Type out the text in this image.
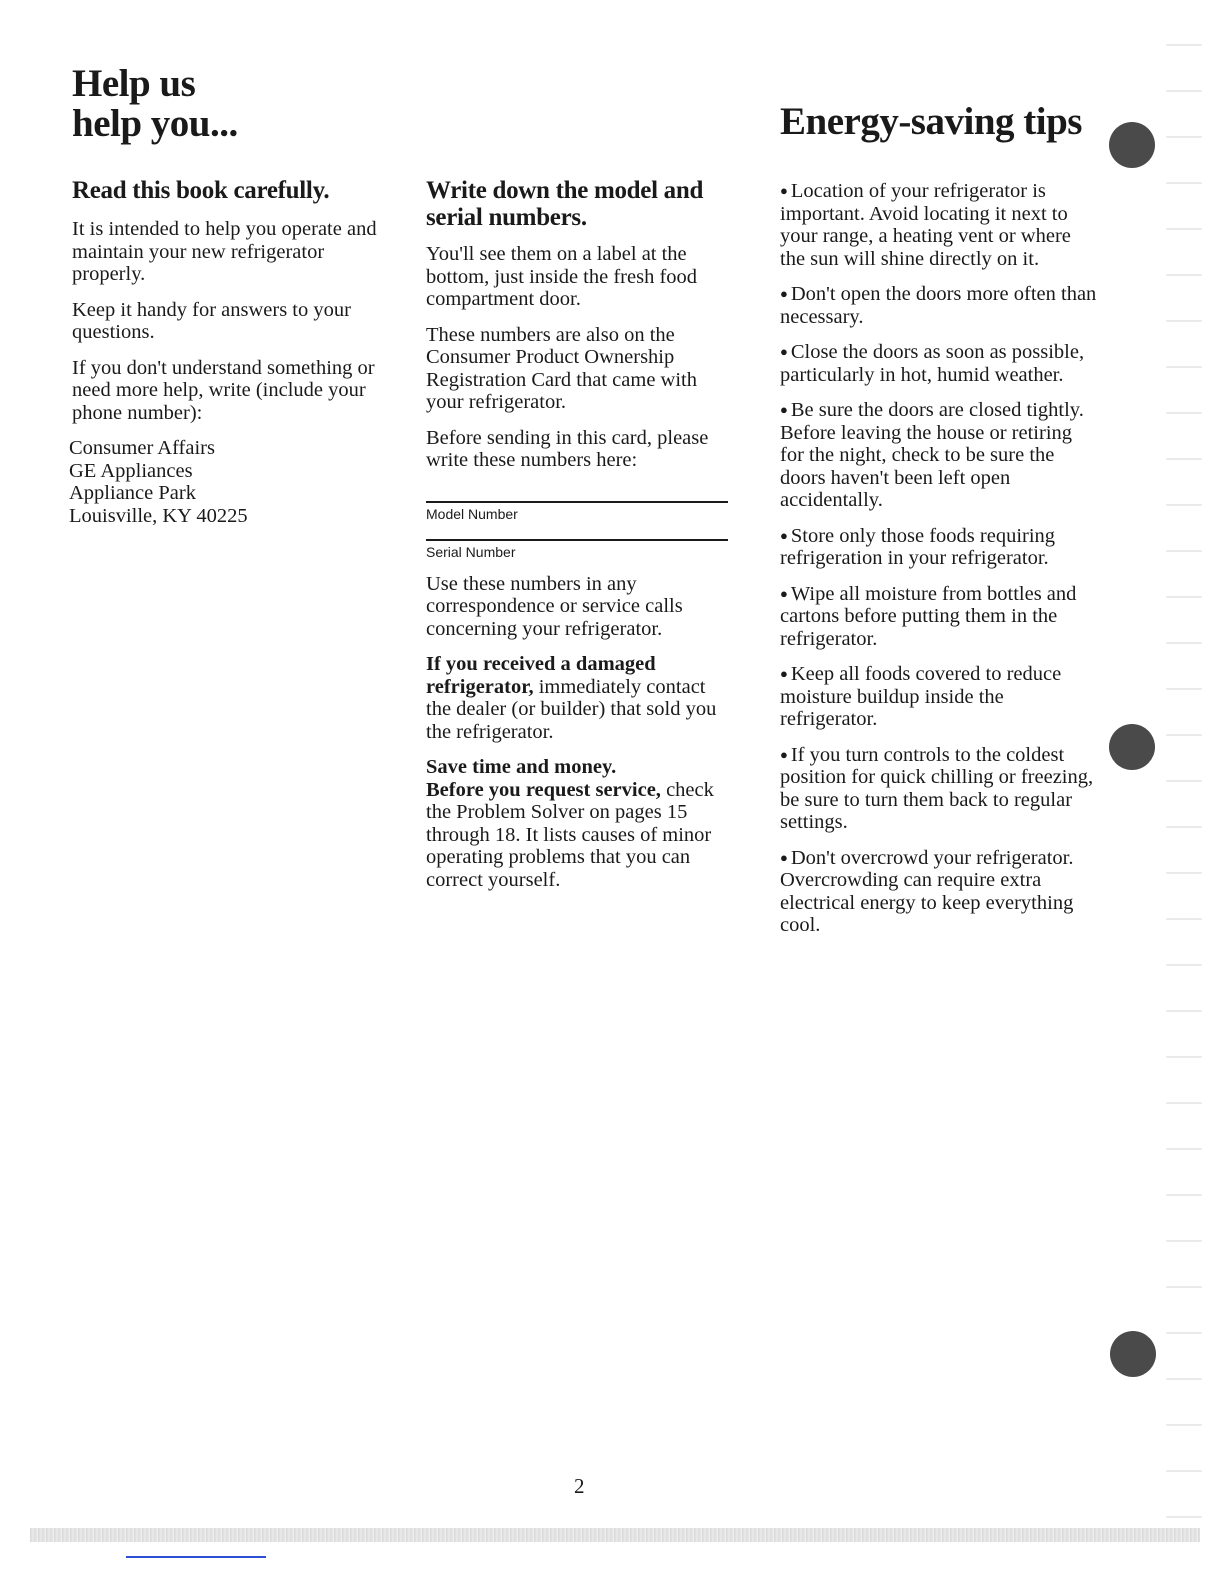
Help us
help you...	Energy-saving tips
Read this book carefully.

It is intended to help you operate and maintain your new refrigerator properly.

Keep it handy for answers to your questions.

If you don't understand something or need more help, write (include your phone number):

Consumer Affairs
GE Appliances
Appliance Park
Louisville, KY 40225
Write down the model and serial numbers.

You'll see them on a label at the bottom, just inside the fresh food compartment door.

These numbers are also on the Consumer Product Ownership Registration Card that came with your refrigerator.

Before sending in this card, please write these numbers here:

Model Number
Serial Number

Use these numbers in any correspondence or service calls concerning your refrigerator.

If you received a damaged refrigerator, immediately contact the dealer (or builder) that sold you the refrigerator.

Save time and money.
Before you request service, check the Problem Solver on pages 15 through 18. It lists causes of minor operating problems that you can correct yourself.

● Location of your refrigerator is important. Avoid locating it next to your range, a heating vent or where the sun will shine directly on it.

● Don't open the doors more often than necessary.

● Close the doors as soon as possible, particularly in hot, humid weather.

● Be sure the doors are closed tightly. Before leaving the house or retiring for the night, check to be sure the doors haven't been left open accidentally.

● Store only those foods requiring refrigeration in your refrigerator.

● Wipe all moisture from bottles and cartons before putting them in the refrigerator.

● Keep all foods covered to reduce moisture buildup inside the refrigerator.

● If you turn controls to the coldest position for quick chilling or freezing, be sure to turn them back to regular settings.

● Don't overcrowd your refrigerator. Overcrowding can require extra electrical energy to keep everything cool.

2
